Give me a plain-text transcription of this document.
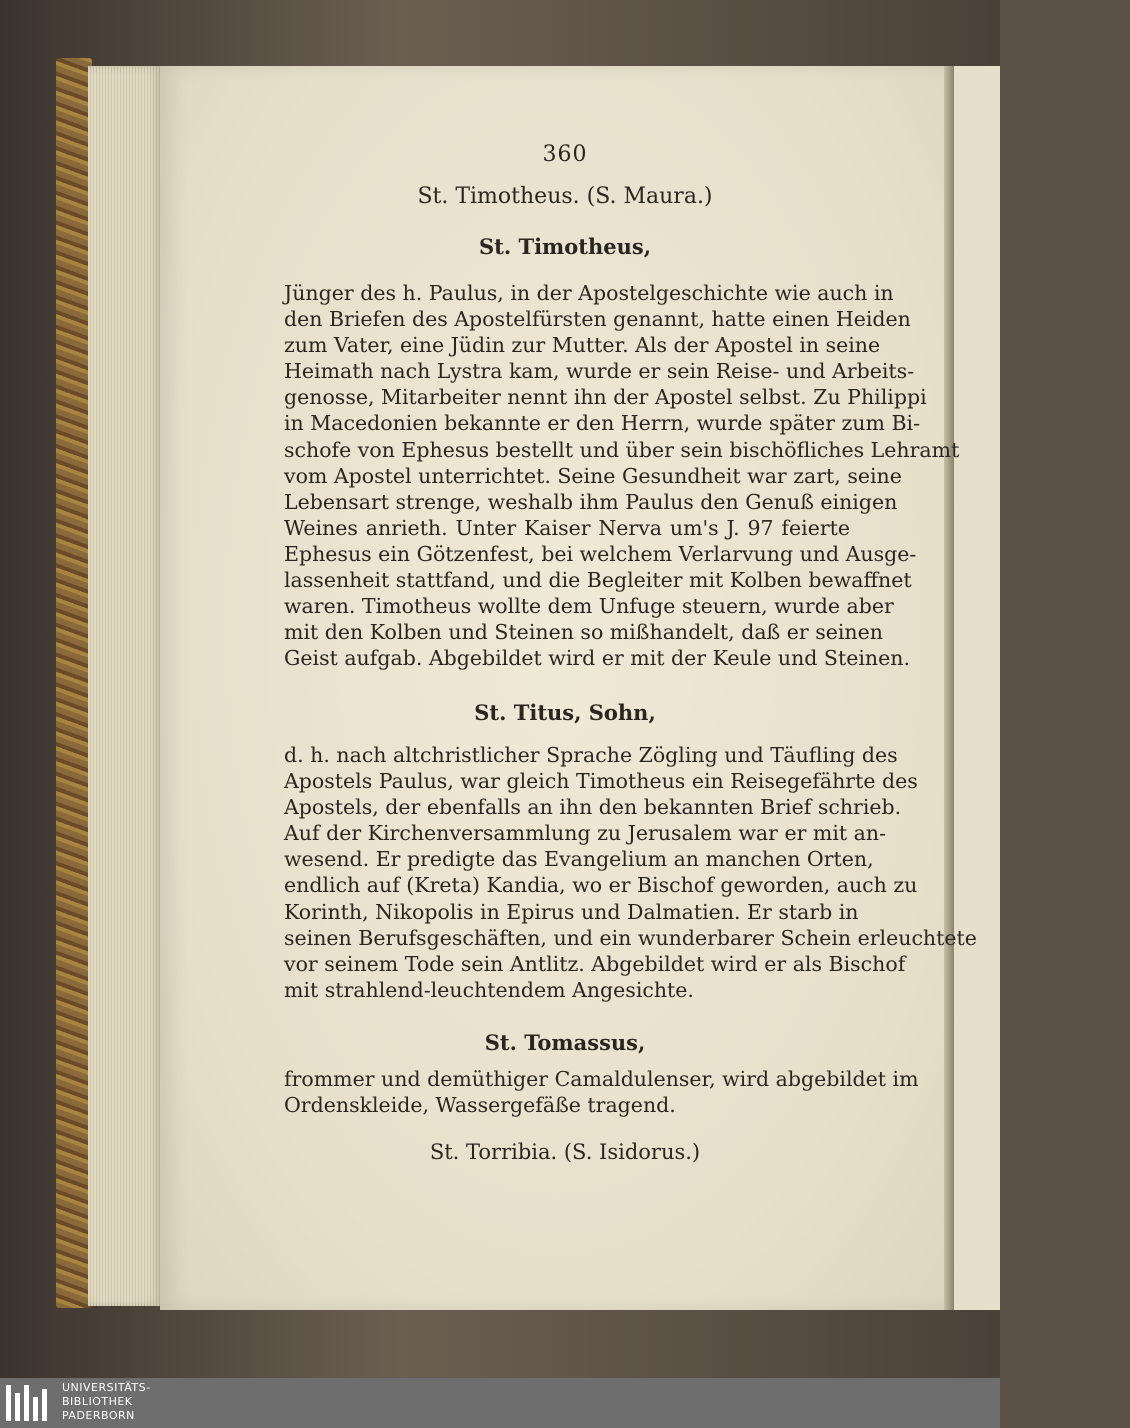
360
St. Timotheus. (S. Maura.)
St. Timotheus,
Jünger des h. Paulus, in der Apostelgeschichte wie auch in
den Briefen des Apostelfürsten genannt, hatte einen Heiden
zum Vater, eine Jüdin zur Mutter. Als der Apostel in seine
Heimath nach Lystra kam, wurde er sein Reise- und Arbeits-
genosse, Mitarbeiter nennt ihn der Apostel selbst. Zu Philippi
in Macedonien bekannte er den Herrn, wurde später zum Bi-
schofe von Ephesus bestellt und über sein bischöfliches Lehramt
vom Apostel unterrichtet. Seine Gesundheit war zart, seine
Lebensart strenge, weshalb ihm Paulus den Genuß einigen
Weines anrieth. Unter Kaiser Nerva um's J. 97 feierte
Ephesus ein Götzenfest, bei welchem Verlarvung und Ausge-
lassenheit stattfand, und die Begleiter mit Kolben bewaffnet
waren. Timotheus wollte dem Unfuge steuern, wurde aber
mit den Kolben und Steinen so mißhandelt, daß er seinen
Geist aufgab. Abgebildet wird er mit der Keule und Steinen.
St. Titus, Sohn,
d. h. nach altchristlicher Sprache Zögling und Täufling des
Apostels Paulus, war gleich Timotheus ein Reisegefährte des
Apostels, der ebenfalls an ihn den bekannten Brief schrieb.
Auf der Kirchenversammlung zu Jerusalem war er mit an-
wesend. Er predigte das Evangelium an manchen Orten,
endlich auf (Kreta) Kandia, wo er Bischof geworden, auch zu
Korinth, Nikopolis in Epirus und Dalmatien. Er starb in
seinen Berufsgeschäften, und ein wunderbarer Schein erleuchtete
vor seinem Tode sein Antlitz. Abgebildet wird er als Bischof
mit strahlend-leuchtendem Angesichte.
St. Tomassus,
frommer und demüthiger Camaldulenser, wird abgebildet im
Ordenskleide, Wassergefäße tragend.
St. Torribia. (S. Isidorus.)
UNIVERSITÄTS-
BIBLIOTHEK
PADERBORN
